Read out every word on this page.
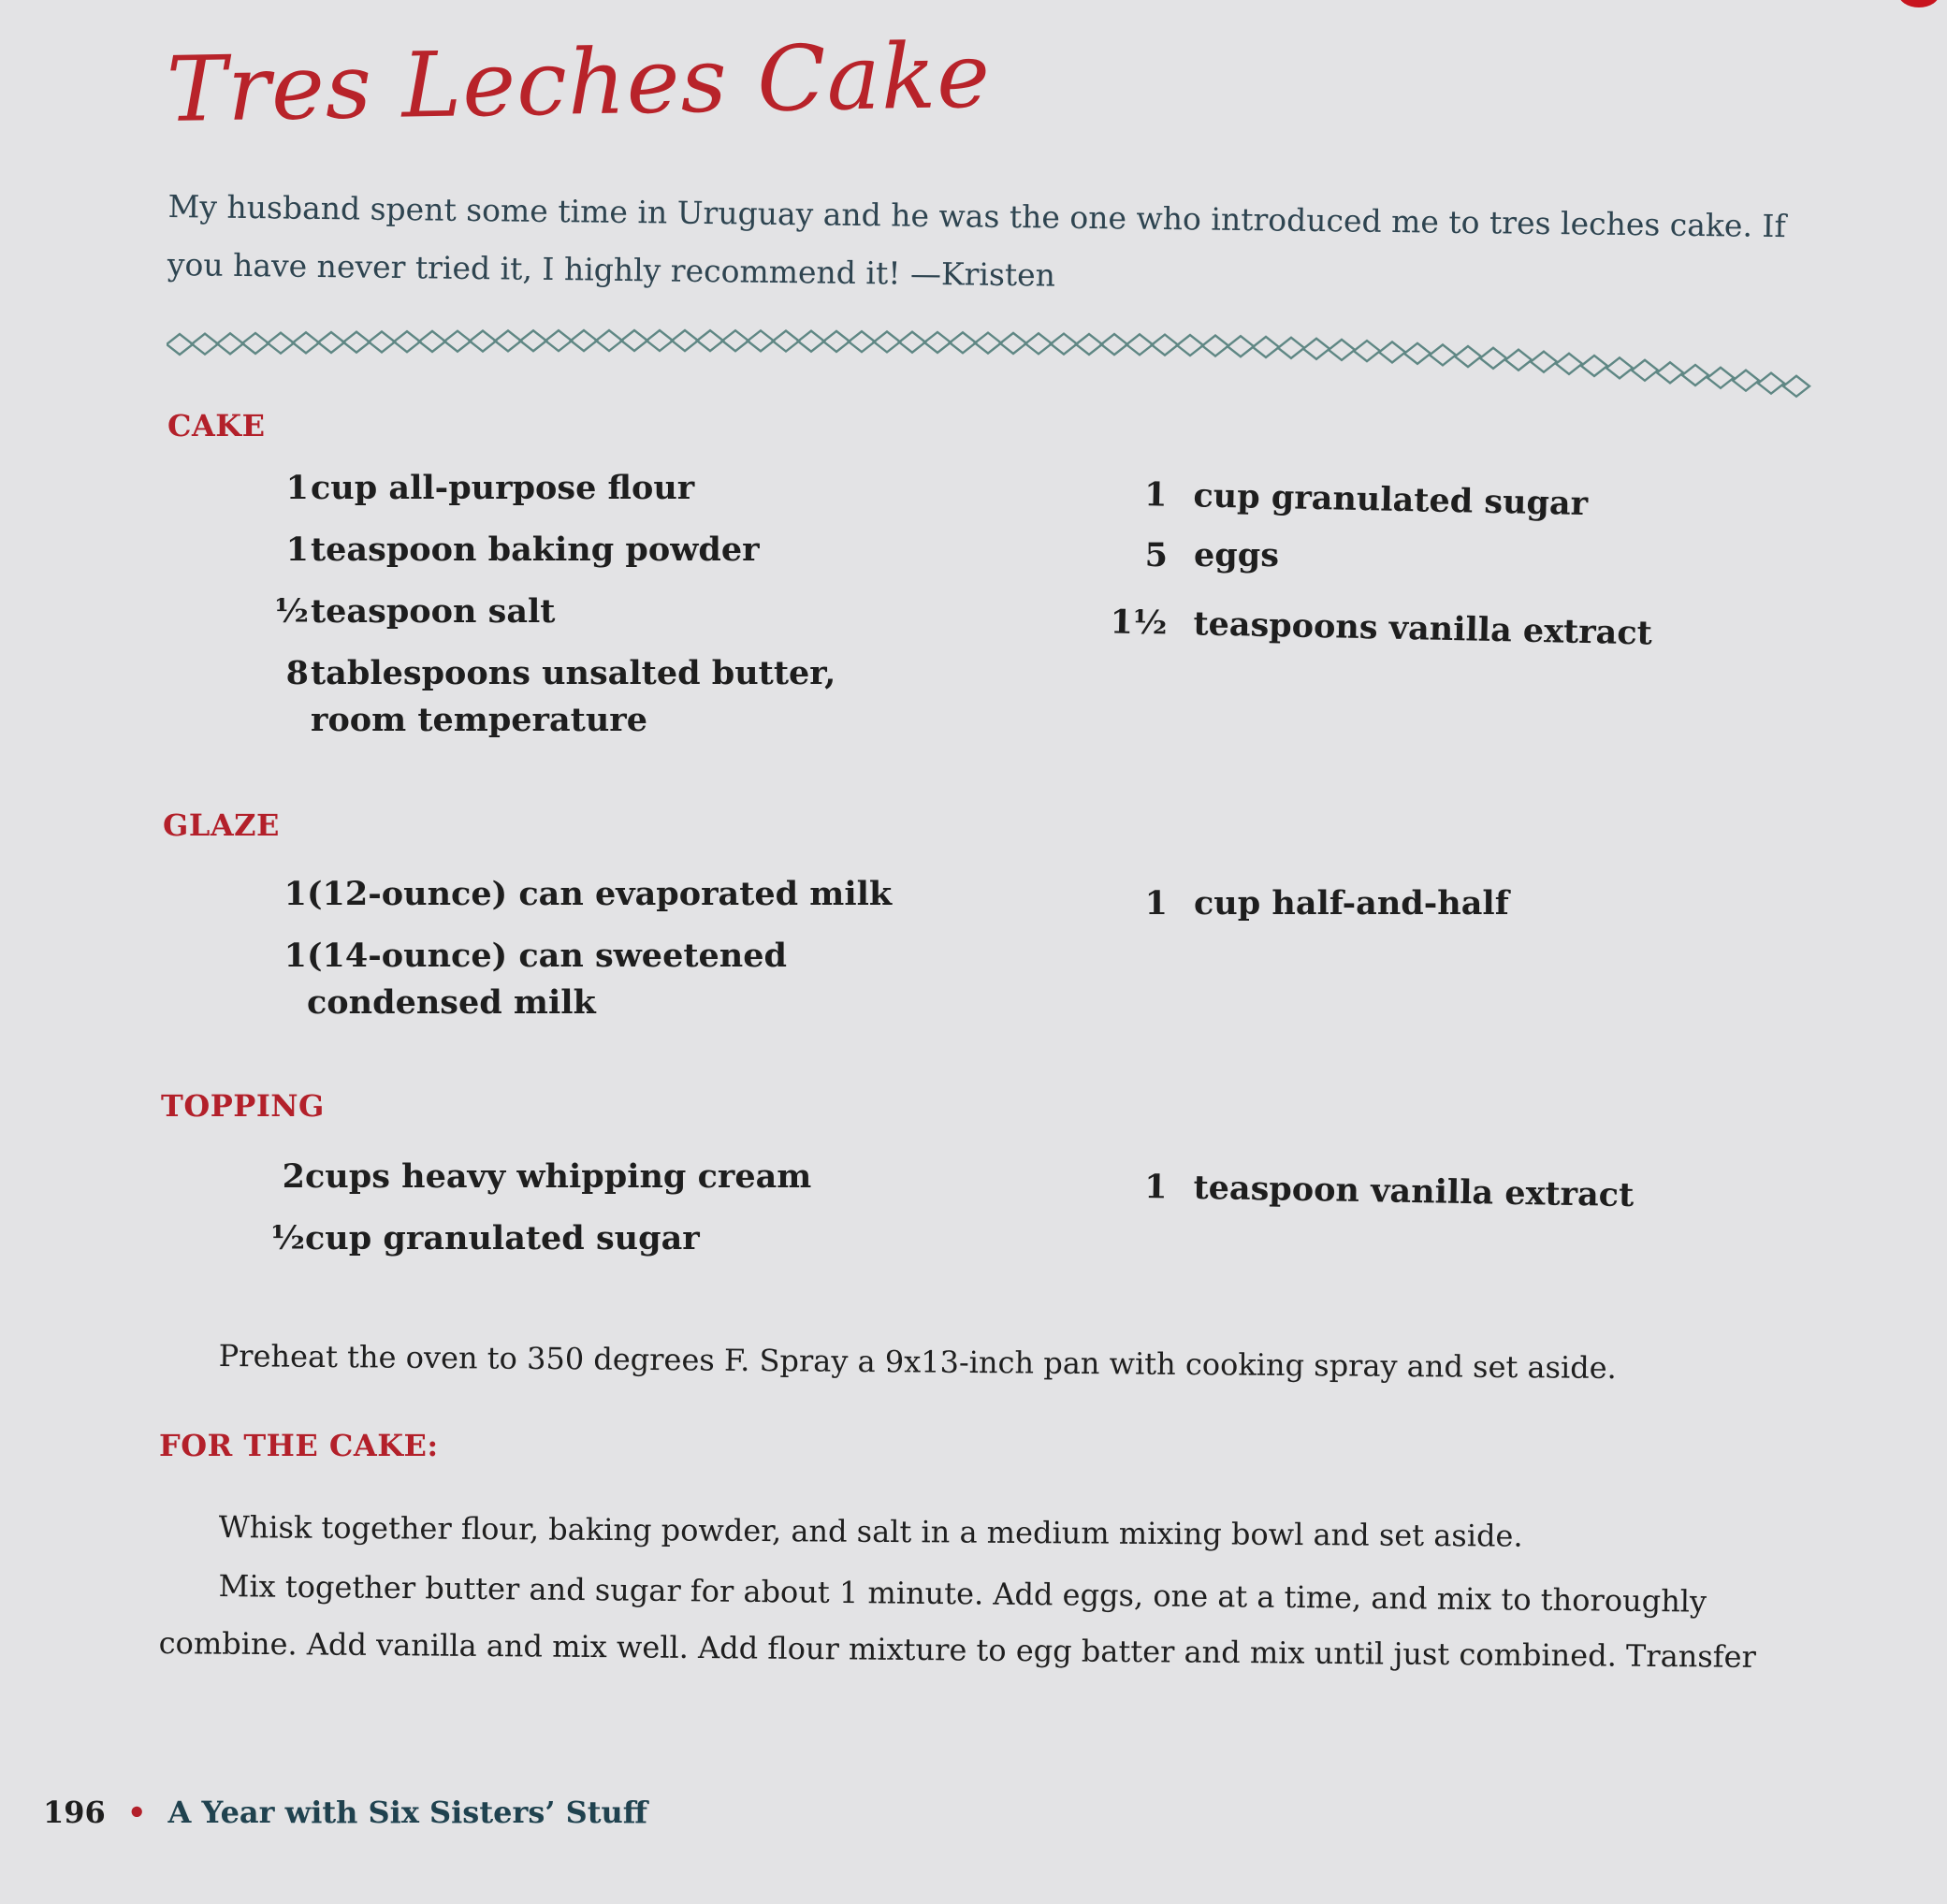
Tres Leches Cake
My husband spent some time in Uruguay and he was the one who introduced me to tres leches cake. If you have never tried it, I highly recommend it! —Kristen
CAKE
1 cup all-purpose flour
1 teaspoon baking powder
½ teaspoon salt
8 tablespoons unsalted butter, room temperature
1 cup granulated sugar
5 eggs
1½ teaspoons vanilla extract
GLAZE
1 (12-ounce) can evaporated milk
1 (14-ounce) can sweetened condensed milk
1 cup half-and-half
TOPPING
2 cups heavy whipping cream
½ cup granulated sugar
1 teaspoon vanilla extract
Preheat the oven to 350 degrees F. Spray a 9x13-inch pan with cooking spray and set aside.
FOR THE CAKE:
Whisk together flour, baking powder, and salt in a medium mixing bowl and set aside.
Mix together butter and sugar for about 1 minute. Add eggs, one at a time, and mix to thoroughly
combine. Add vanilla and mix well. Add flour mixture to egg batter and mix until just combined. Transfer
196 • A Year with Six Sisters’ Stuff
